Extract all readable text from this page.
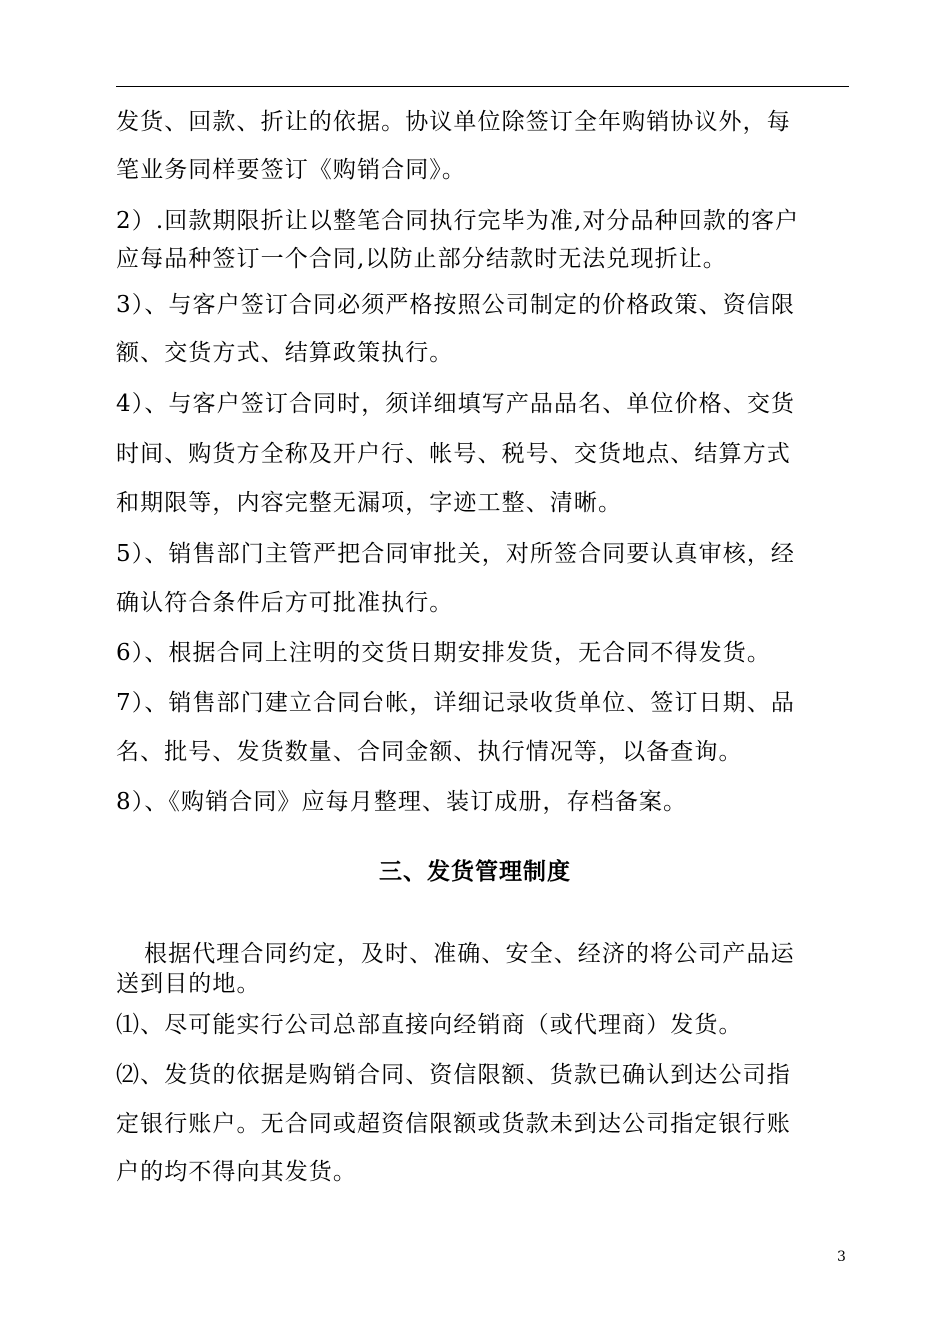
发货、回款、折让的依据。协议单位除签订全年购销协议外，每
笔业务同样要签订《购销合同》。
2）.回款期限折让以整笔合同执行完毕为准,对分品种回款的客户
应每品种签订一个合同,以防止部分结款时无法兑现折让。
3）、与客户签订合同必须严格按照公司制定的价格政策、资信限
额、交货方式、结算政策执行。
4）、与客户签订合同时，须详细填写产品品名、单位价格、交货
时间、购货方全称及开户行、帐号、税号、交货地点、结算方式
和期限等，内容完整无漏项，字迹工整、清晰。
5）、销售部门主管严把合同审批关，对所签合同要认真审核，经
确认符合条件后方可批准执行。
6）、根据合同上注明的交货日期安排发货，无合同不得发货。
7）、销售部门建立合同台帐，详细记录收货单位、签订日期、品
名、批号、发货数量、合同金额、执行情况等，以备查询。
8）、《购销合同》应每月整理、装订成册，存档备案。
三、发货管理制度
根据代理合同约定，及时、准确、安全、经济的将公司产品运
送到目的地。
⑴、尽可能实行公司总部直接向经销商（或代理商）发货。
⑵、发货的依据是购销合同、资信限额、货款已确认到达公司指
定银行账户。无合同或超资信限额或货款未到达公司指定银行账
户的均不得向其发货。
3
